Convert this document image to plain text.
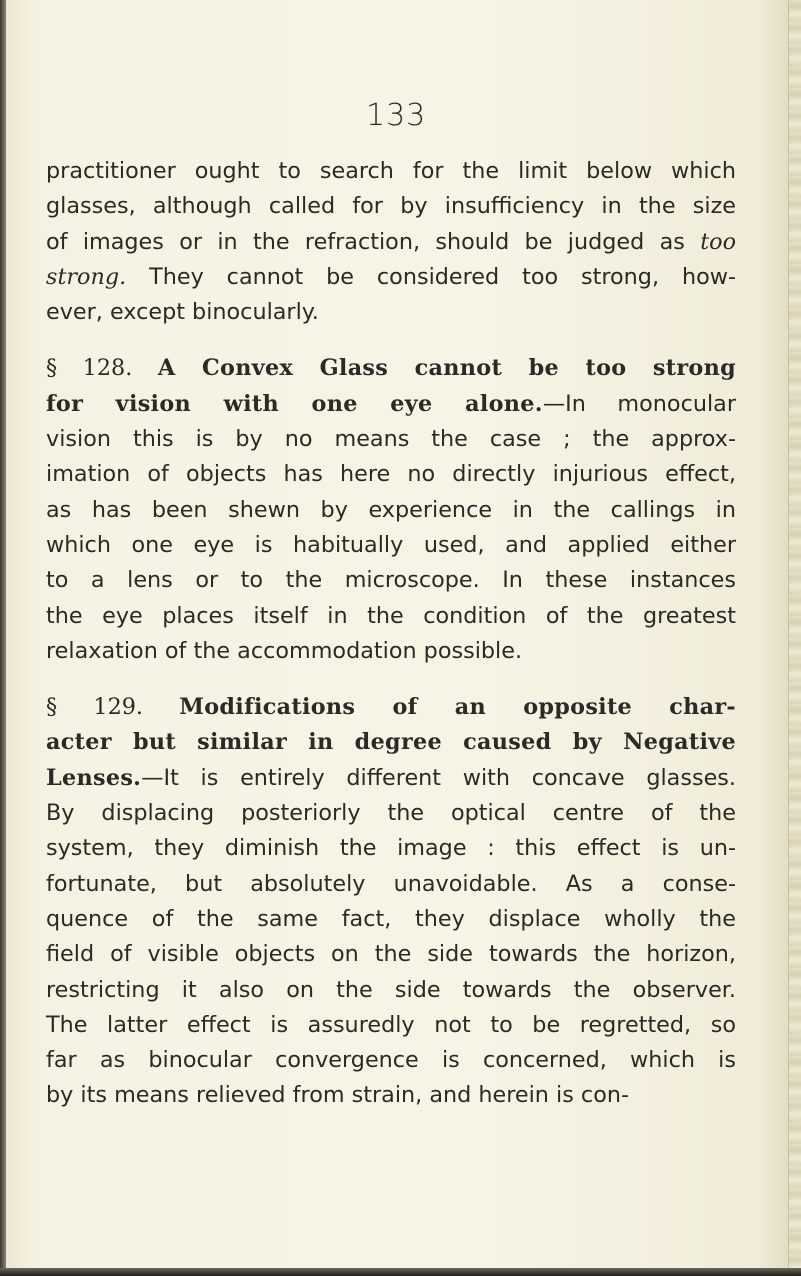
133
practitioner ought to search for the limit below which
glasses, although called for by insufficiency in the size
of images or in the refraction, should be judged as too
strong. They cannot be considered too strong, how-
ever, except binocularly.
§ 128. A Convex Glass cannot be too strong
for vision with one eye alone.—In monocular
vision this is by no means the case ; the approx-
imation of objects has here no directly injurious effect,
as has been shewn by experience in the callings in
which one eye is habitually used, and applied either
to a lens or to the microscope. In these instances
the eye places itself in the condition of the greatest
relaxation of the accommodation possible.
§ 129. Modifications of an opposite char-
acter but similar in degree caused by Negative
Lenses.—It is entirely different with concave glasses.
By displacing posteriorly the optical centre of the
system, they diminish the image : this effect is un-
fortunate, but absolutely unavoidable. As a conse-
quence of the same fact, they displace wholly the
field of visible objects on the side towards the horizon,
restricting it also on the side towards the observer.
The latter effect is assuredly not to be regretted, so
far as binocular convergence is concerned, which is
by its means relieved from strain, and herein is con-
